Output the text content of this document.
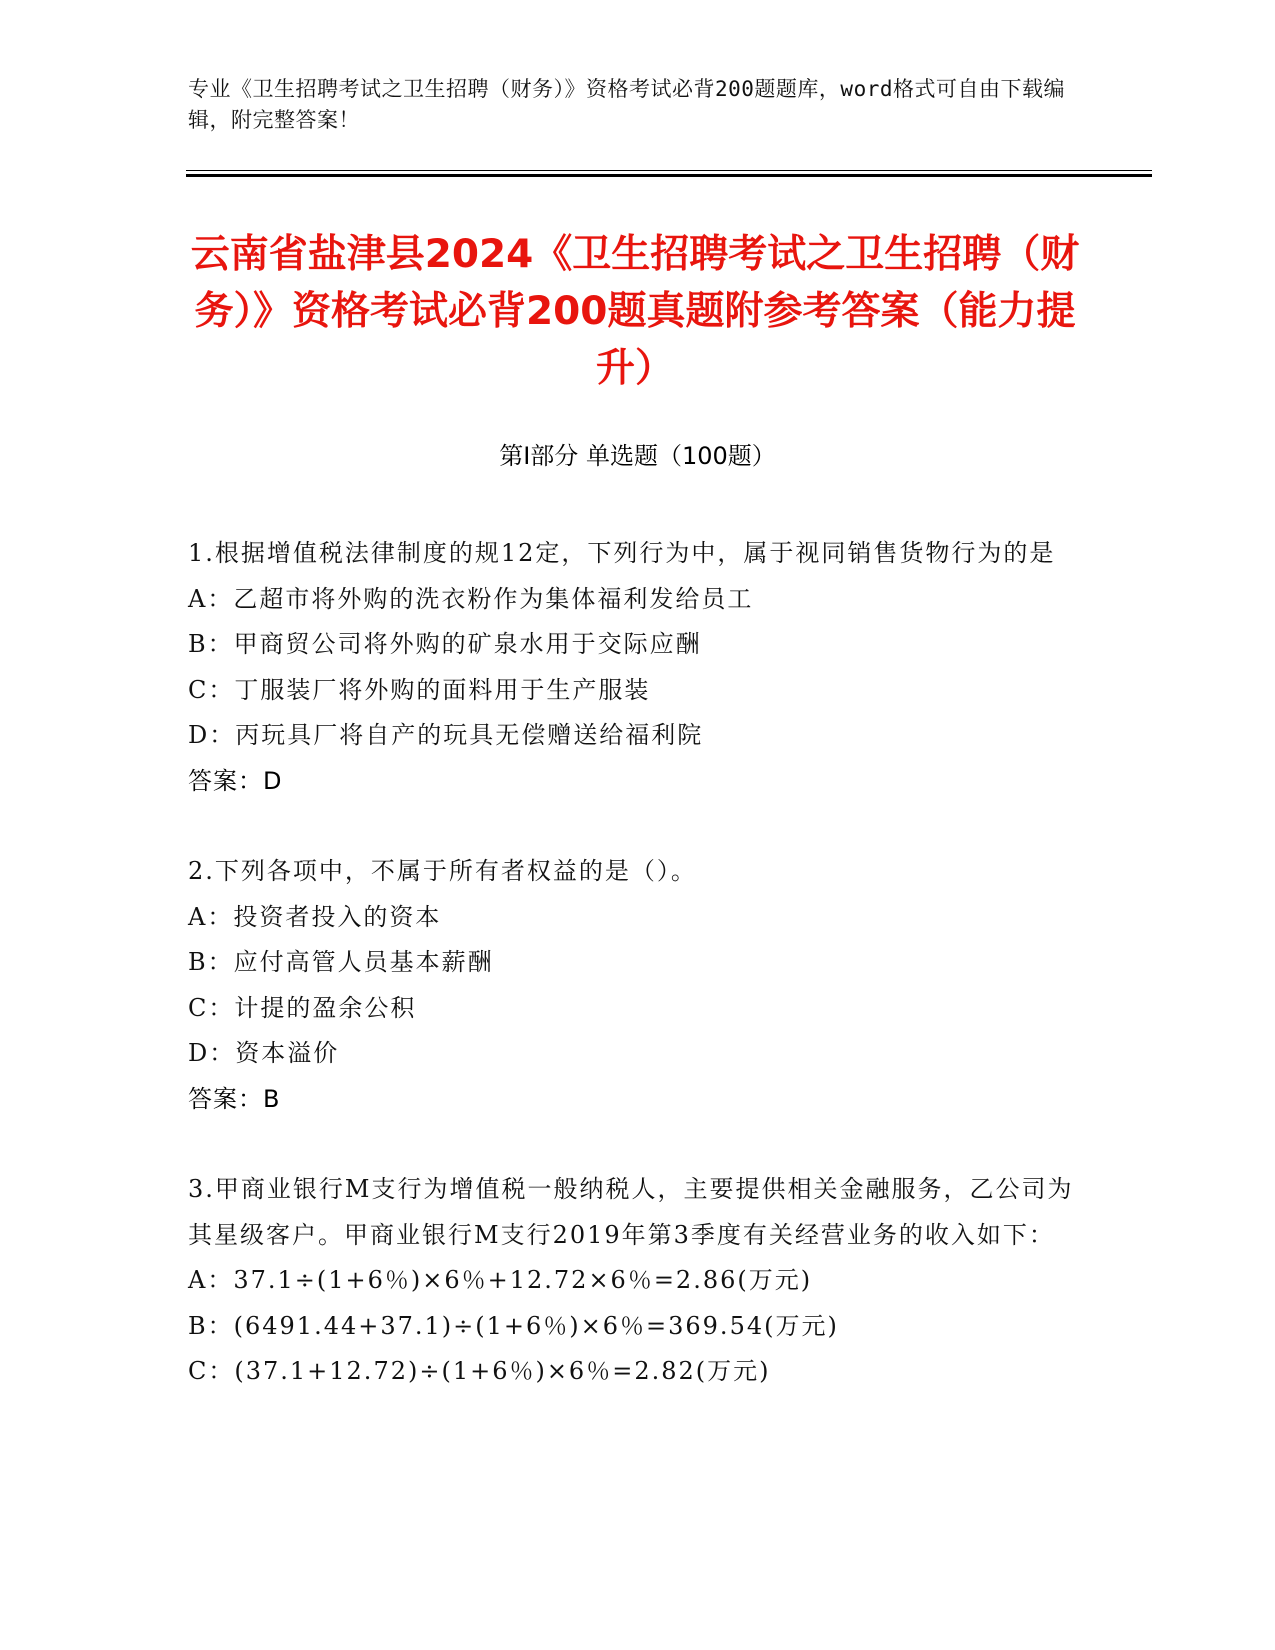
专业《卫生招聘考试之卫生招聘（财务）》资格考试必背200题题库，word格式可自由下载编辑，附完整答案！
云南省盐津县2024《卫生招聘考试之卫生招聘（财务）》资格考试必背200题真题附参考答案（能力提升）
第Ⅰ部分 单选题（100题）
1.根据增值税法律制度的规12定，下列行为中，属于视同销售货物行为的是
A：乙超市将外购的洗衣粉作为集体福利发给员工
B：甲商贸公司将外购的矿泉水用于交际应酬
C：丁服装厂将外购的面料用于生产服装
D：丙玩具厂将自产的玩具无偿赠送给福利院
答案：D
2.下列各项中，不属于所有者权益的是（）。
A：投资者投入的资本
B：应付高管人员基本薪酬
C：计提的盈余公积
D：资本溢价
答案：B
3.甲商业银行M支行为增值税一般纳税人，主要提供相关金融服务，乙公司为其星级客户。甲商业银行M支行2019年第3季度有关经营业务的收入如下：
A：37.1÷(1+6％)×6％+12.72×6％=2.86(万元)
B：(6491.44+37.1)÷(1+6％)×6％=369.54(万元)
C：(37.1+12.72)÷(1+6％)×6％=2.82(万元)
